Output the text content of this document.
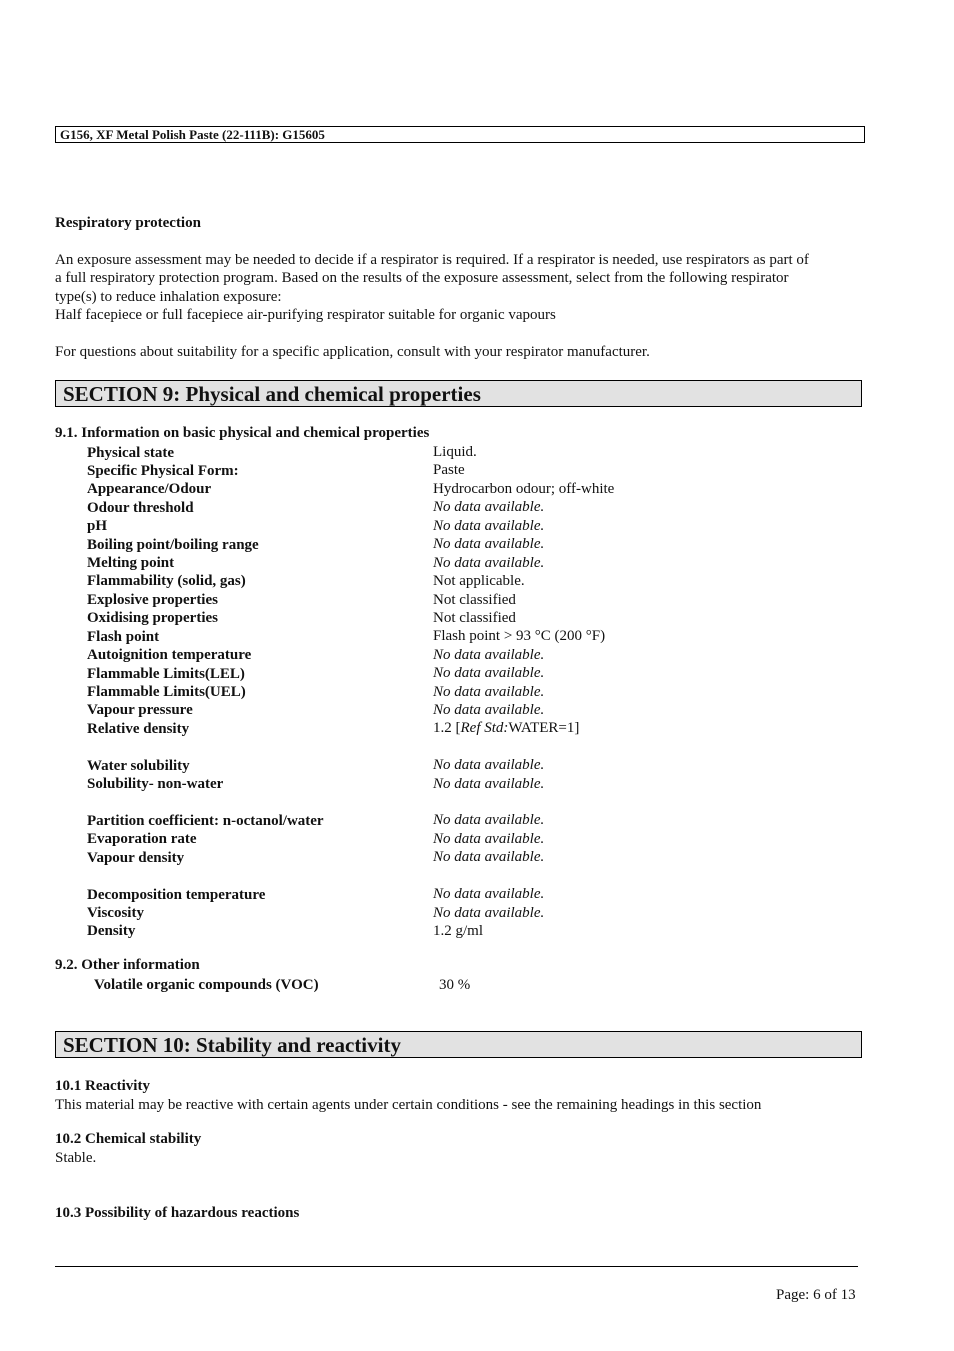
G156, XF Metal Polish Paste (22-111B): G15605
Respiratory protection
An exposure assessment may be needed to decide if a respirator is required. If a respirator is needed, use respirators as part of
a full respiratory protection program. Based on the results of the exposure assessment, select from the following respirator
type(s) to reduce inhalation exposure:
Half facepiece or full facepiece air-purifying respirator suitable for organic vapours
For questions about suitability for a specific application, consult with your respirator manufacturer.
SECTION 9: Physical and chemical properties
9.1. Information on basic physical and chemical properties
Physical state	Liquid.
Specific Physical Form:	Paste
Appearance/Odour	Hydrocarbon odour; off-white
Odour threshold	No data available.
pH	No data available.
Boiling point/boiling range	No data available.
Melting point	No data available.
Flammability (solid, gas)	Not applicable.
Explosive properties	Not classified
Oxidising properties	Not classified
Flash point	Flash point > 93 °C (200 °F)
Autoignition temperature	No data available.
Flammable Limits(LEL)	No data available.
Flammable Limits(UEL)	No data available.
Vapour pressure	No data available.
Relative density	1.2 [Ref Std:WATER=1]
Water solubility	No data available.
Solubility- non-water	No data available.
Partition coefficient: n-octanol/water	No data available.
Evaporation rate	No data available.
Vapour density	No data available.
Decomposition temperature	No data available.
Viscosity	No data available.
Density	1.2 g/ml
9.2. Other information
Volatile organic compounds (VOC)	30 %
SECTION 10: Stability and reactivity
10.1 Reactivity
This material may be reactive with certain agents under certain conditions - see the remaining headings in this section
10.2 Chemical stability
Stable.
10.3 Possibility of hazardous reactions
Page: 6 of 13
